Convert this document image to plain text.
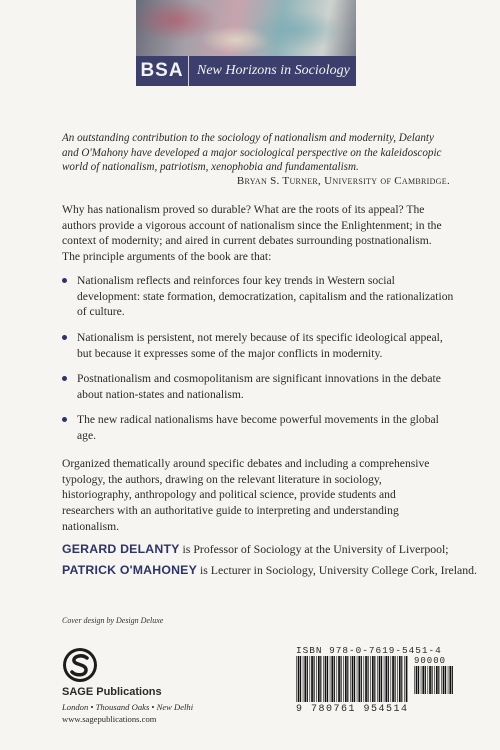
BSA New Horizons in Sociology
An outstanding contribution to the sociology of nationalism and modernity, Delanty and O'Mahony have developed a major sociological perspective on the kaleidoscopic world of nationalism, patriotism, xenophobia and fundamentalism.
Bryan S. Turner, University of Cambridge.
Why has nationalism proved so durable? What are the roots of its appeal? The authors provide a vigorous account of nationalism since the Enlightenment; in the context of modernity; and aired in current debates surrounding postnationalism. The principle arguments of the book are that:
Nationalism reflects and reinforces four key trends in Western social development: state formation, democratization, capitalism and the rationalization of culture.
Nationalism is persistent, not merely because of its specific ideological appeal, but because it expresses some of the major conflicts in modernity.
Postnationalism and cosmopolitanism are significant innovations in the debate about nation-states and nationalism.
The new radical nationalisms have become powerful movements in the global age.
Organized thematically around specific debates and including a comprehensive typology, the authors, drawing on the relevant literature in sociology, historiography, anthropology and political science, provide students and researchers with an authoritative guide to interpreting and understanding nationalism.
GERARD DELANTY is Professor of Sociology at the University of Liverpool;
PATRICK O'MAHONEY is Lecturer in Sociology, University College Cork, Ireland.
Cover design by Design Deluxe
SAGE Publications
London • Thousand Oaks • New Delhi
www.sagepublications.com
ISBN 978-0-7619-5451-4
90000
9 780761 954514
